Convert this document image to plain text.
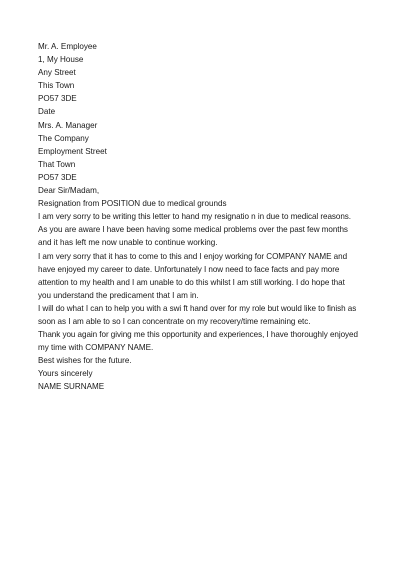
Mr. A. Employee
1, My House
Any Street
This Town
PO57 3DE
Date
Mrs. A. Manager
The Company
Employment Street
That Town
PO57 3DE
Dear Sir/Madam,
Resignation from POSITION due to medical grounds
I am very sorry to be writing this letter to hand my resignatio n in due to medical reasons.
As you are aware I have been having some medical problems over the past few months
and it has left me now unable to continue working.
I am very sorry that it has to come to this and I enjoy working for COMPANY NAME and
have enjoyed my career to date. Unfortunately I now need to face facts and pay more
attention to my health and I am unable to do this whilst I am still working. I do hope that
you understand the predicament that I am in.
I will do what I can to help you with a swi ft hand over for my role but would like to finish as
soon as I am able to so I can concentrate on my recovery/time remaining etc.
Thank you again for giving me this opportunity and experiences, I have thoroughly enjoyed
my time with COMPANY NAME.
Best wishes for the future.
Yours sincerely
NAME SURNAME
